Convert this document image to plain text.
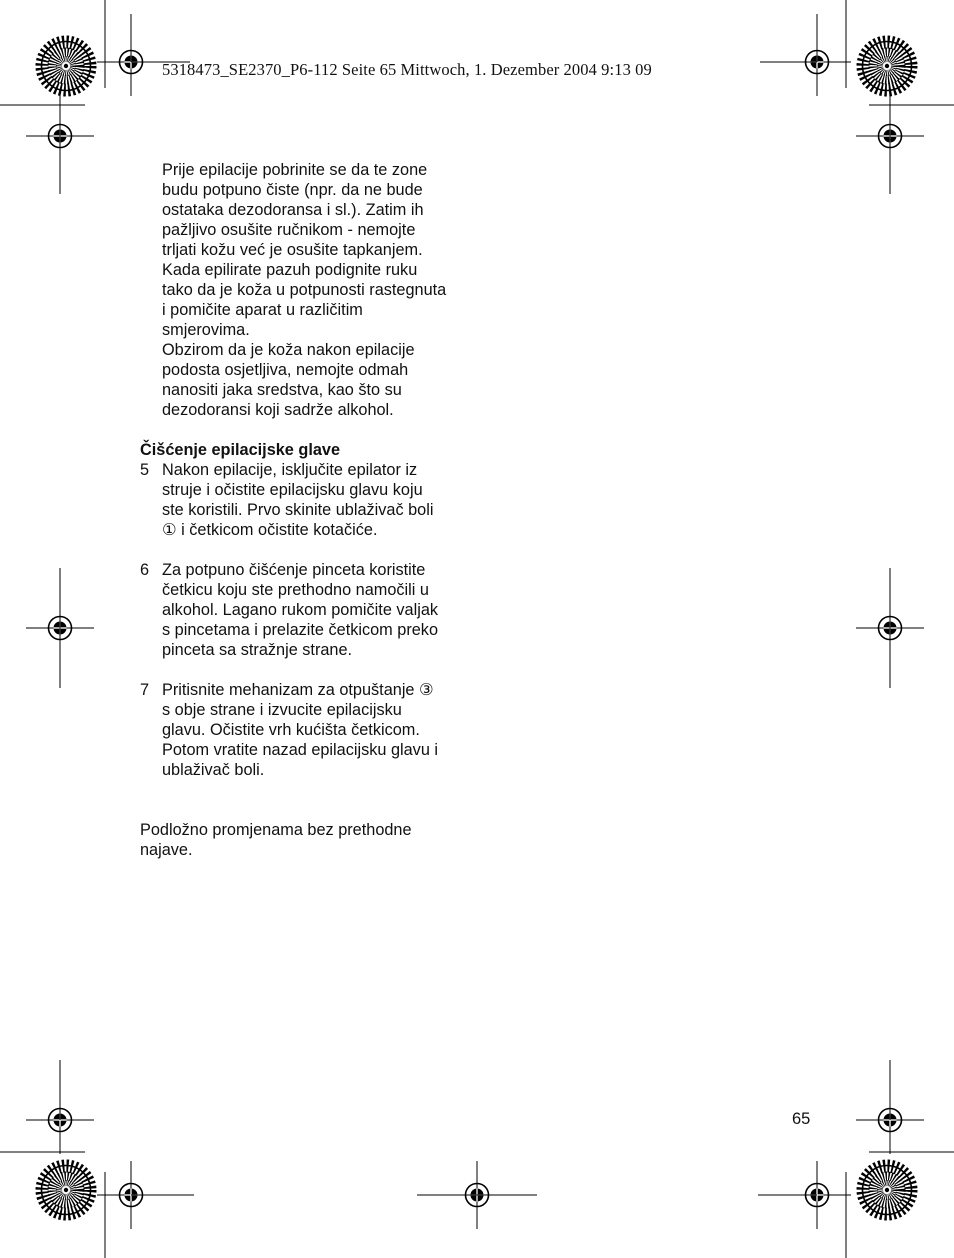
5318473_SE2370_P6-112 Seite 65 Mittwoch, 1. Dezember 2004 9:13 09
Prije epilacije pobrinite se da te zone
budu potpuno čiste (npr. da ne bude
ostataka dezodoransa i sl.). Zatim ih
pažljivo osušite ručnikom - nemojte
trljati kožu već je osušite tapkanjem.
Kada epilirate pazuh podignite ruku
tako da je koža u potpunosti rastegnuta
i pomičite aparat u različitim
smjerovima.
Obzirom da je koža nakon epilacije
podosta osjetljiva, nemojte odmah
nanositi jaka sredstva, kao što su
dezodoransi koji sadrže alkohol.
Čišćenje epilacijske glave
5 Nakon epilacije, isključite epilator iz
struje i očistite epilacijsku glavu koju
ste koristili. Prvo skinite ublaživač boli
① i četkicom očistite kotačiće.
6 Za potpuno čišćenje pinceta koristite
četkicu koju ste prethodno namočili u
alkohol. Lagano rukom pomičite valjak
s pincetama i prelazite četkicom preko
pinceta sa stražnje strane.
7 Pritisnite mehanizam za otpuštanje ③
s obje strane i izvucite epilacijsku
glavu. Očistite vrh kućišta četkicom.
Potom vratite nazad epilacijsku glavu i
ublaživač boli.
Podložno promjenama bez prethodne
najave.
65
